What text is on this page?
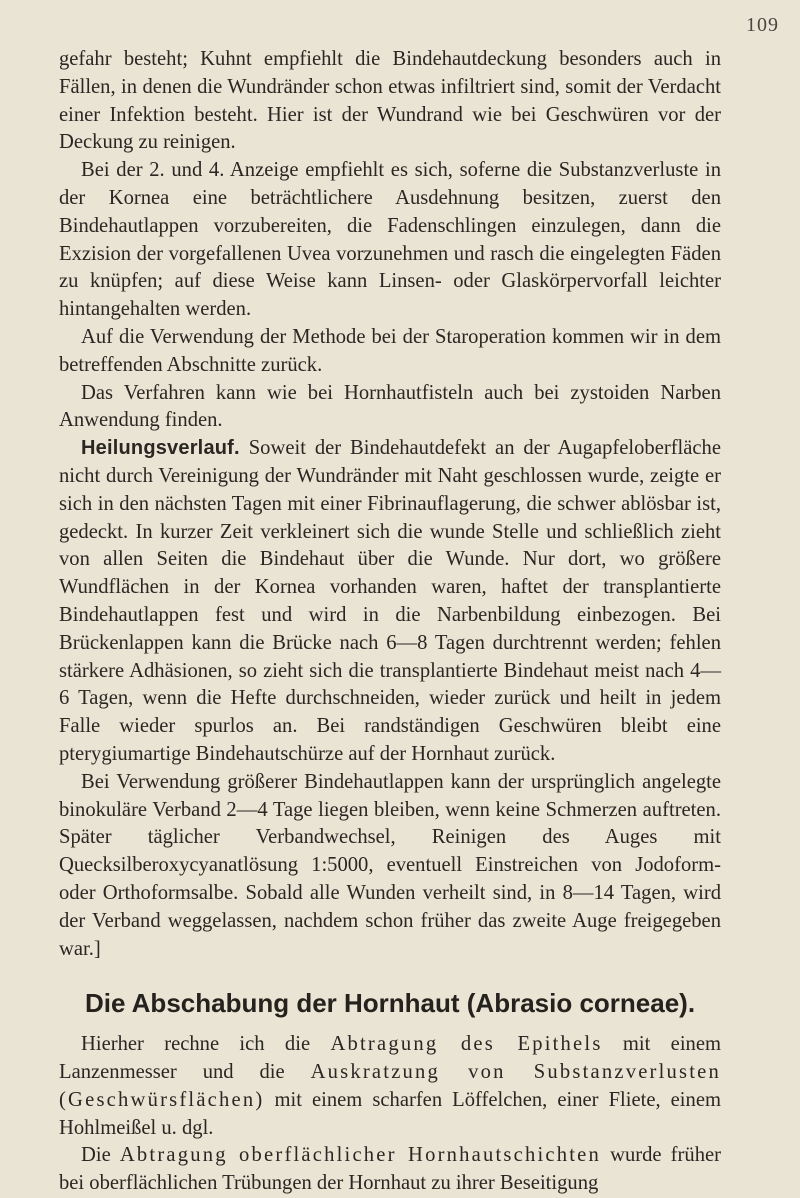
109

gefahr besteht; Kuhnt empfiehlt die Bindehautdeckung besonders auch in Fällen, in denen die Wundränder schon etwas infiltriert sind, somit der Verdacht einer Infektion besteht. Hier ist der Wundrand wie bei Geschwüren vor der Deckung zu reinigen.

Bei der 2. und 4. Anzeige empfiehlt es sich, soferne die Substanzverluste in der Kornea eine beträchtlichere Ausdehnung besitzen, zuerst den Bindehautlappen vorzubereiten, die Fadenschlingen einzulegen, dann die Exzision der vorgefallenen Uvea vorzunehmen und rasch die eingelegten Fäden zu knüpfen; auf diese Weise kann Linsen- oder Glaskörpervorfall leichter hintangehalten werden.

Auf die Verwendung der Methode bei der Staroperation kommen wir in dem betreffenden Abschnitte zurück.

Das Verfahren kann wie bei Hornhautfisteln auch bei zystoiden Narben Anwendung finden.

Heilungsverlauf. Soweit der Bindehautdefekt an der Augapfeloberfläche nicht durch Vereinigung der Wundränder mit Naht geschlossen wurde, zeigte er sich in den nächsten Tagen mit einer Fibrinauflagerung, die schwer ablösbar ist, gedeckt. In kurzer Zeit verkleinert sich die wunde Stelle und schließlich zieht von allen Seiten die Bindehaut über die Wunde. Nur dort, wo größere Wundflächen in der Kornea vorhanden waren, haftet der transplantierte Bindehautlappen fest und wird in die Narbenbildung einbezogen. Bei Brückenlappen kann die Brücke nach 6—8 Tagen durchtrennt werden; fehlen stärkere Adhäsionen, so zieht sich die transplantierte Bindehaut meist nach 4—6 Tagen, wenn die Hefte durchschneiden, wieder zurück und heilt in jedem Falle wieder spurlos an. Bei randständigen Geschwüren bleibt eine pterygiumartige Bindehautschürze auf der Hornhaut zurück.

Bei Verwendung größerer Bindehautlappen kann der ursprünglich angelegte binokuläre Verband 2—4 Tage liegen bleiben, wenn keine Schmerzen auftreten. Später täglicher Verbandwechsel, Reinigen des Auges mit Quecksilberoxycyanatlösung 1:5000, eventuell Einstreichen von Jodoform- oder Orthoformsalbe. Sobald alle Wunden verheilt sind, in 8—14 Tagen, wird der Verband weggelassen, nachdem schon früher das zweite Auge freigegeben war.]

Die Abschabung der Hornhaut (Abrasio corneae).

Hierher rechne ich die Abtragung des Epithels mit einem Lanzenmesser und die Auskratzung von Substanzverlusten (Geschwürsflächen) mit einem scharfen Löffelchen, einer Fliete, einem Hohlmeißel u. dgl.

Die Abtragung oberflächlicher Hornhautschichten wurde früher bei oberflächlichen Trübungen der Hornhaut zu ihrer Beseitigung
